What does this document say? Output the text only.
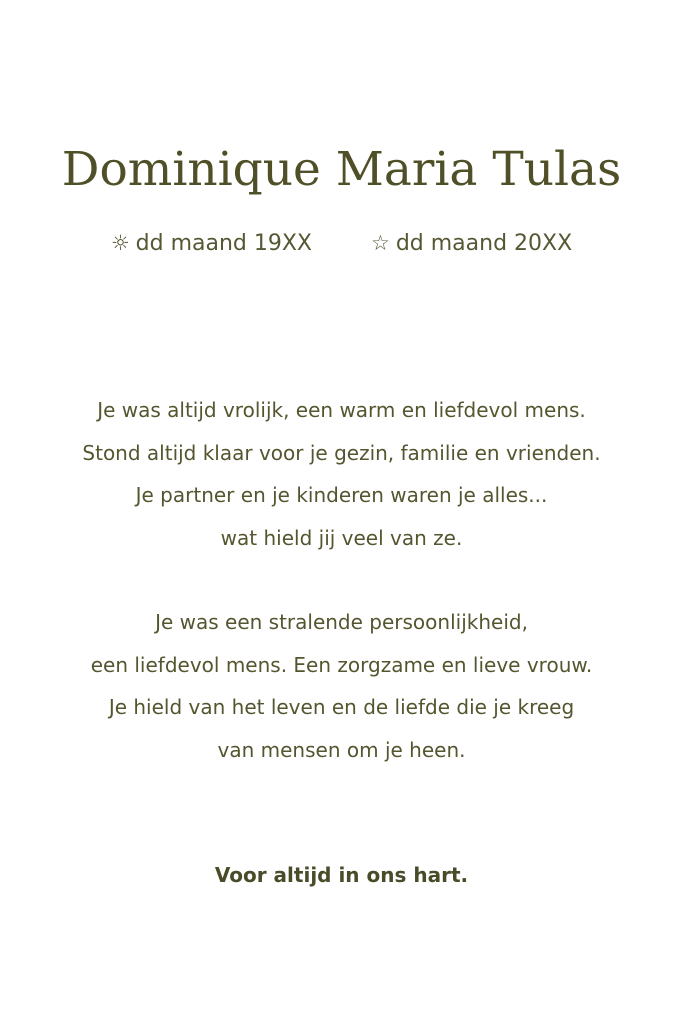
Dominique Maria Tulas
☼ dd maand 19XX	☆ dd maand 20XX
Je was altijd vrolijk, een warm en liefdevol mens.
Stond altijd klaar voor je gezin, familie en vrienden.
Je partner en je kinderen waren je alles...
wat hield jij veel van ze.
Je was een stralende persoonlijkheid,
een liefdevol mens. Een zorgzame en lieve vrouw.
Je hield van het leven en de liefde die je kreeg
van mensen om je heen.
Voor altijd in ons hart.
